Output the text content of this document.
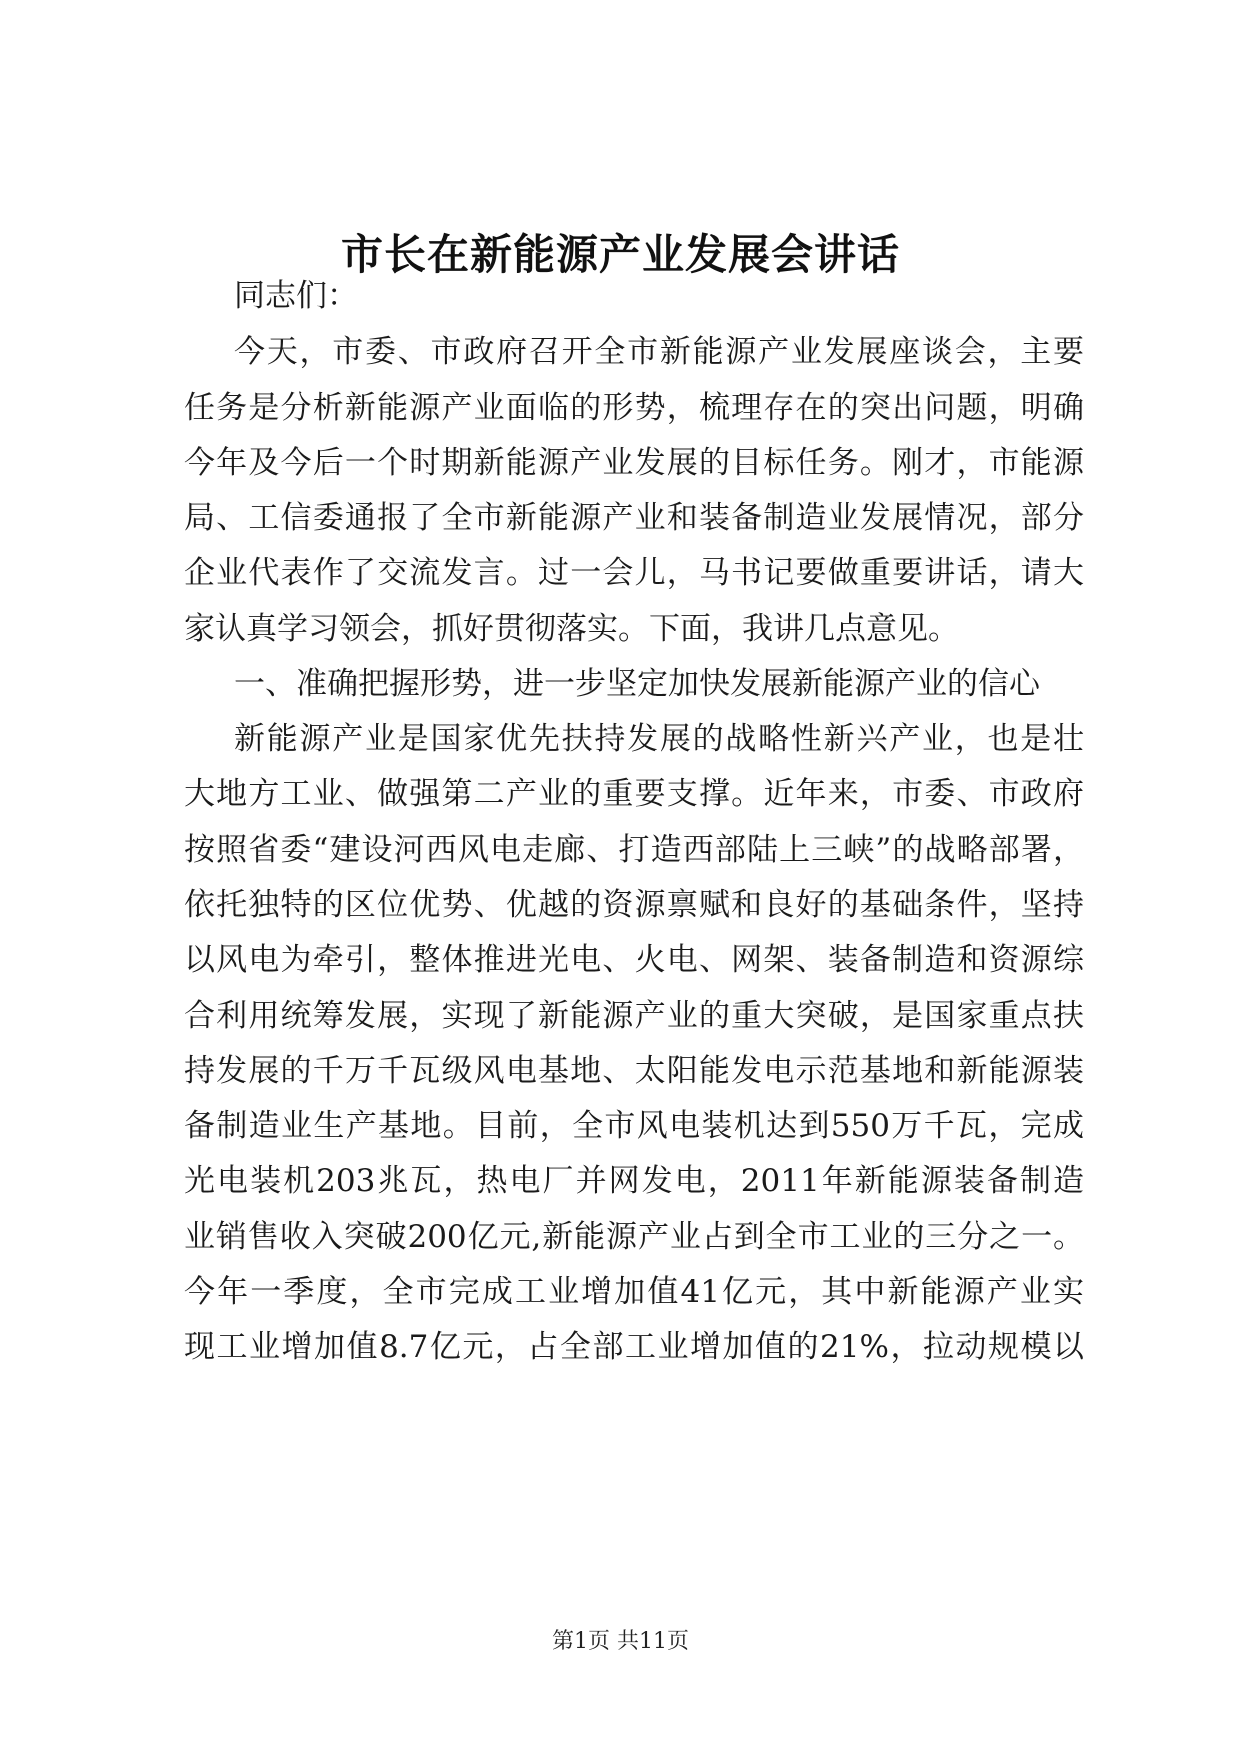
市长在新能源产业发展会讲话
同志们：
今天，市委、市政府召开全市新能源产业发展座谈会，主要
任务是分析新能源产业面临的形势，梳理存在的突出问题，明确
今年及今后一个时期新能源产业发展的目标任务。刚才，市能源
局、工信委通报了全市新能源产业和装备制造业发展情况，部分
企业代表作了交流发言。过一会儿，马书记要做重要讲话，请大
家认真学习领会，抓好贯彻落实。下面，我讲几点意见。
一、准确把握形势，进一步坚定加快发展新能源产业的信心
新能源产业是国家优先扶持发展的战略性新兴产业，也是壮
大地方工业、做强第二产业的重要支撑。近年来，市委、市政府
按照省委“建设河西风电走廊、打造西部陆上三峡”的战略部署，
依托独特的区位优势、优越的资源禀赋和良好的基础条件，坚持
以风电为牵引，整体推进光电、火电、网架、装备制造和资源综
合利用统筹发展，实现了新能源产业的重大突破，是国家重点扶
持发展的千万千瓦级风电基地、太阳能发电示范基地和新能源装
备制造业生产基地。目前，全市风电装机达到550万千瓦，完成
光电装机203兆瓦，热电厂并网发电，2011年新能源装备制造
业销售收入突破200亿元,新能源产业占到全市工业的三分之一。
今年一季度，全市完成工业增加值41亿元，其中新能源产业实
现工业增加值8.7亿元，占全部工业增加值的21%，拉动规模以
第1页 共11页
